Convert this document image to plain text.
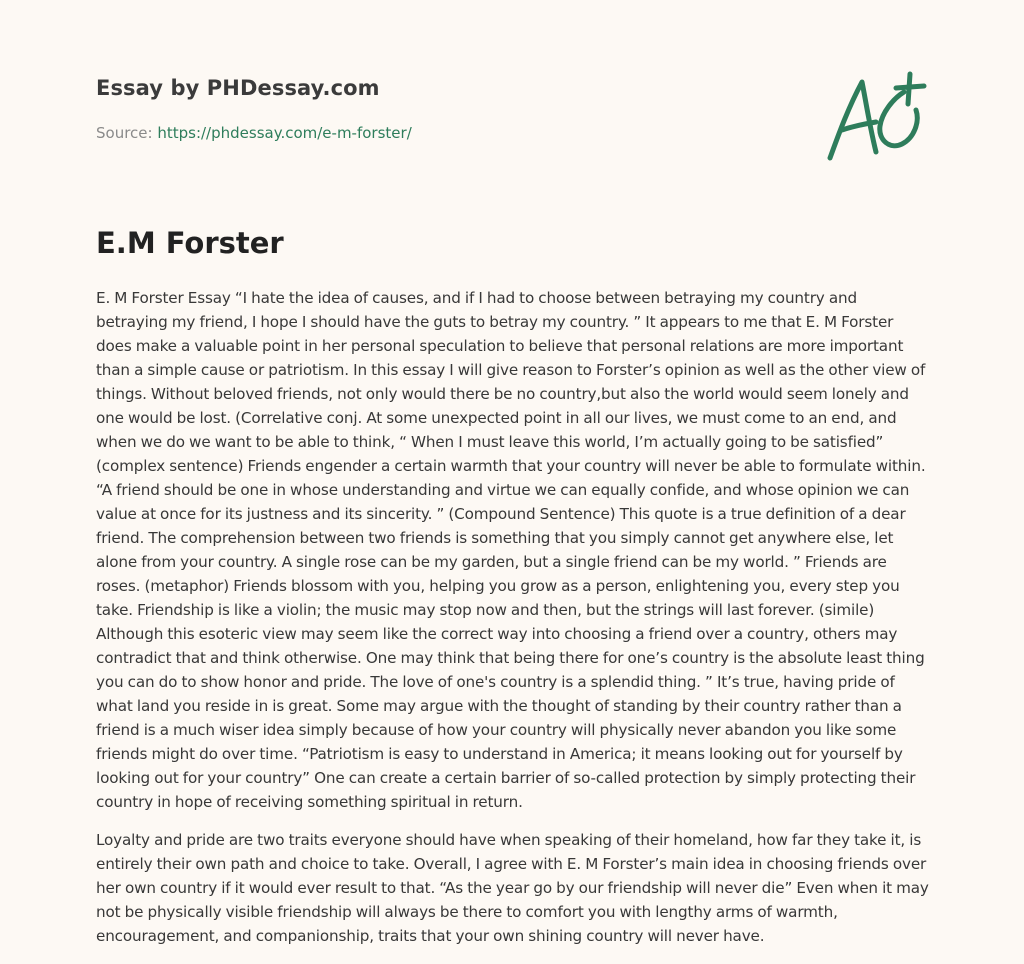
Essay by PHDessay.com
Source: https://phdessay.com/e-m-forster/
E.M Forster

E. M Forster Essay “I hate the idea of causes, and if I had to choose between betraying my country and betraying my friend, I hope I should have the guts to betray my country. ” It appears to me that E. M Forster does make a valuable point in her personal speculation to believe that personal relations are more important than a simple cause or patriotism. In this essay I will give reason to Forster’s opinion as well as the other view of things. Without beloved friends, not only would there be no country,but also the world would seem lonely and one would be lost. (Correlative conj. At some unexpected point in all our lives, we must come to an end, and when we do we want to be able to think, “ When I must leave this world, I’m actually going to be satisfied” (complex sentence) Friends engender a certain warmth that your country will never be able to formulate within. “A friend should be one in whose understanding and virtue we can equally confide, and whose opinion we can value at once for its justness and its sincerity. ” (Compound Sentence) This quote is a true definition of a dear friend. The comprehension between two friends is something that you simply cannot get anywhere else, let alone from your country. A single rose can be my garden, but a single friend can be my world. ” Friends are roses. (metaphor) Friends blossom with you, helping you grow as a person, enlightening you, every step you take. Friendship is like a violin; the music may stop now and then, but the strings will last forever. (simile) Although this esoteric view may seem like the correct way into choosing a friend over a country, others may contradict that and think otherwise. One may think that being there for one’s country is the absolute least thing you can do to show honor and pride. The love of one's country is a splendid thing. ” It’s true, having pride of what land you reside in is great. Some may argue with the thought of standing by their country rather than a friend is a much wiser idea simply because of how your country will physically never abandon you like some friends might do over time. “Patriotism is easy to understand in America; it means looking out for yourself by looking out for your country” One can create a certain barrier of so-called protection by simply protecting their country in hope of receiving something spiritual in return.

Loyalty and pride are two traits everyone should have when speaking of their homeland, how far they take it, is entirely their own path and choice to take. Overall, I agree with E. M Forster’s main idea in choosing friends over her own country if it would ever result to that. “As the year go by our friendship will never die” Even when it may not be physically visible friendship will always be there to comfort you with lengthy arms of warmth, encouragement, and companionship, traits that your own shining country will never have.
